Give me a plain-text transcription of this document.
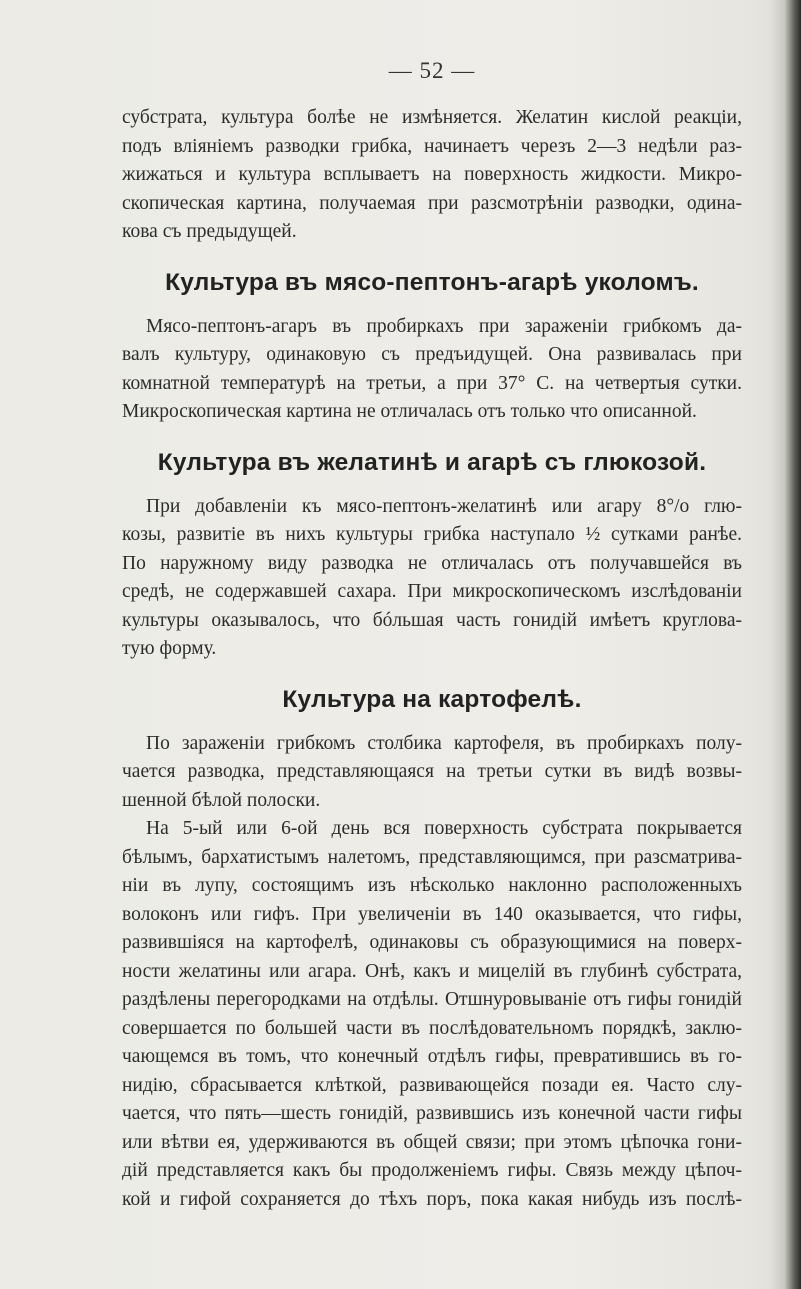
— 52 —
субстрата, культура болѣе не измѣняется. Желатин кислой реакціи,
подъ вліяніемъ разводки грибка, начинаетъ черезъ 2—3 недѣли раз-
жижаться и культура всплываетъ на поверхность жидкости. Микро-
скопическая картина, получаемая при разсмотрѣніи разводки, одина-
кова съ предыдущей.
Культура въ мясо-пептонъ-агарѣ уколомъ.
Мясо-пептонъ-агаръ въ пробиркахъ при зараженіи грибкомъ да-
валъ культуру, одинаковую съ предъидущей. Она развивалась при
комнатной температурѣ на третьи, а при 37° С. на четвертыя сутки.
Микроскопическая картина не отличалась отъ только что описанной.
Культура въ желатинѣ и агарѣ съ глюкозой.
При добавленіи къ мясо-пептонъ-желатинѣ или агару 8°/o глю-
козы, развитіе въ нихъ культуры грибка наступало ½ сутками ранѣе.
По наружному виду разводка не отличалась отъ получавшейся въ
средѣ, не содержавшей сахара. При микроскопическомъ изслѣдованіи
культуры оказывалось, что бóльшая часть гонидій имѣетъ круглова-
тую форму.
Культура на картофелѣ.
По зараженіи грибкомъ столбика картофеля, въ пробиркахъ полу-
чается разводка, представляющаяся на третьи сутки въ видѣ возвы-
шенной бѣлой полоски.
На 5-ый или 6-ой день вся поверхность субстрата покрывается
бѣлымъ, бархатистымъ налетомъ, представляющимся, при разсматрива-
ніи въ лупу, состоящимъ изъ нѣсколько наклонно расположенныхъ
волоконъ или гифъ. При увеличеніи въ 140 оказывается, что гифы,
развившіяся на картофелѣ, одинаковы съ образующимися на поверх-
ности желатины или агара. Онѣ, какъ и мицелій въ глубинѣ субстрата,
раздѣлены перегородками на отдѣлы. Отшнуровываніе отъ гифы гонидій
совершается по большей части въ послѣдовательномъ порядкѣ, заклю-
чающемся въ томъ, что конечный отдѣлъ гифы, превратившись въ го-
нидію, сбрасывается клѣткой, развивающейся позади ея. Часто слу-
чается, что пять—шесть гонидій, развившись изъ конечной части гифы
или вѣтви ея, удерживаются въ общей связи; при этомъ цѣпочка гони-
дій представляется какъ бы продолженіемъ гифы. Связь между цѣпоч-
кой и гифой сохраняется до тѣхъ поръ, пока какая нибудь изъ послѣ-
